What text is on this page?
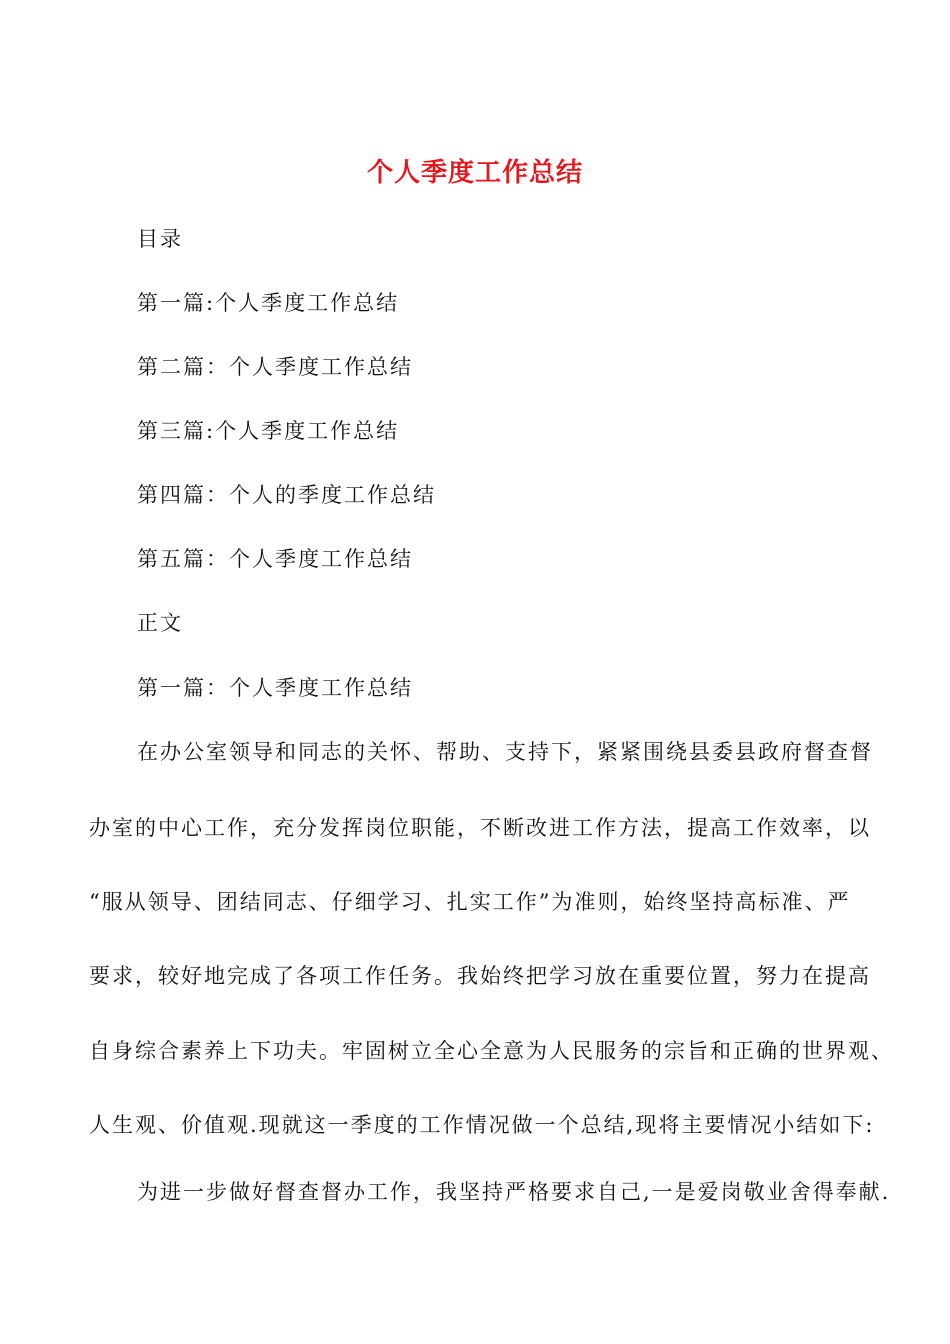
个人季度工作总结
目录
第一篇:个人季度工作总结
第二篇：个人季度工作总结
第三篇:个人季度工作总结
第四篇：个人的季度工作总结
第五篇：个人季度工作总结
正文
第一篇：个人季度工作总结
在办公室领导和同志的关怀、帮助、支持下，紧紧围绕县委县政府督查督
办室的中心工作，充分发挥岗位职能，不断改进工作方法，提高工作效率，以
“服从领导、团结同志、仔细学习、扎实工作”为准则，始终坚持高标准、严
要求，较好地完成了各项工作任务。我始终把学习放在重要位置，努力在提高
自身综合素养上下功夫。牢固树立全心全意为人民服务的宗旨和正确的世界观、
人生观、价值观.现就这一季度的工作情况做一个总结,现将主要情况小结如下:
为进一步做好督查督办工作，我坚持严格要求自己,一是爱岗敬业舍得奉献.
